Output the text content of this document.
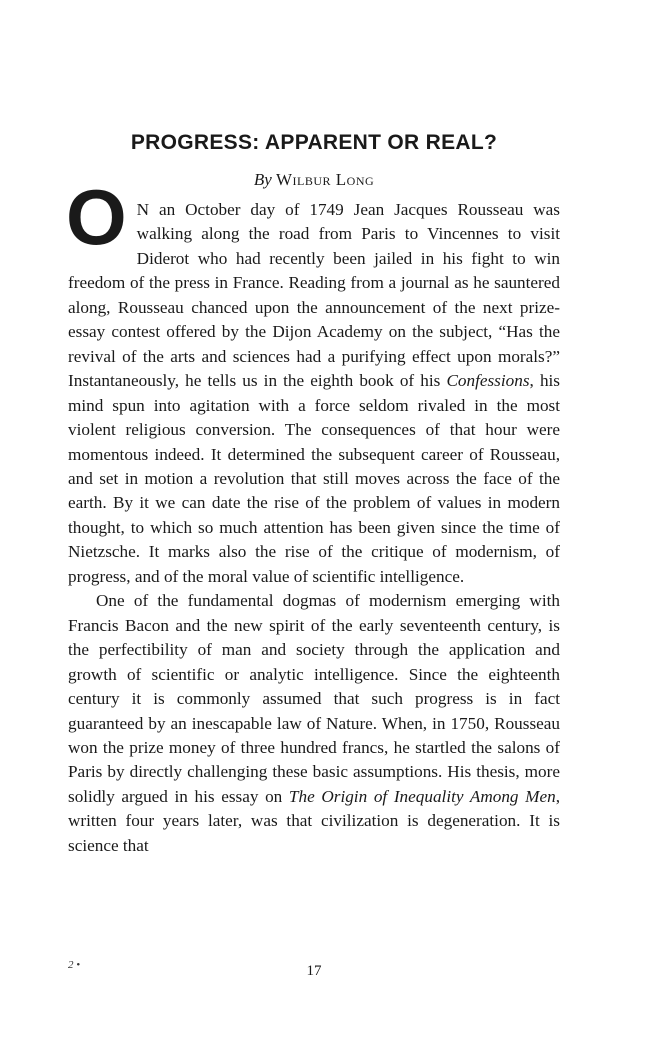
PROGRESS: APPARENT OR REAL?

By Wilbur Long

O N an October day of 1749 Jean Jacques Rousseau was walking along the road from Paris to Vincennes to visit Diderot who had recently been jailed in his fight to win freedom of the press in France. Reading from a journal as he sauntered along, Rousseau chanced upon the announcement of the next prize-essay contest offered by the Dijon Academy on the subject, “Has the revival of the arts and sciences had a purifying effect upon morals?” Instantaneously, he tells us in the eighth book of his Confessions, his mind spun into agitation with a force seldom rivaled in the most violent religious conversion. The consequences of that hour were momentous indeed. It determined the subsequent career of Rousseau, and set in motion a revolution that still moves across the face of the earth. By it we can date the rise of the problem of values in modern thought, to which so much attention has been given since the time of Nietzsche. It marks also the rise of the critique of modernism, of progress, and of the moral value of scientific intelligence.

One of the fundamental dogmas of modernism emerging with Francis Bacon and the new spirit of the early seventeenth century, is the perfectibility of man and society through the application and growth of scientific or analytic intelligence. Since the eighteenth century it is commonly assumed that such progress is in fact guaranteed by an inescapable law of Nature. When, in 1750, Rousseau won the prize money of three hundred francs, he startled the salons of Paris by directly challenging these basic assumptions. His thesis, more solidly argued in his essay on The Origin of Inequality Among Men, written four years later, was that civilization is degeneration. It is science that

2 •	17
